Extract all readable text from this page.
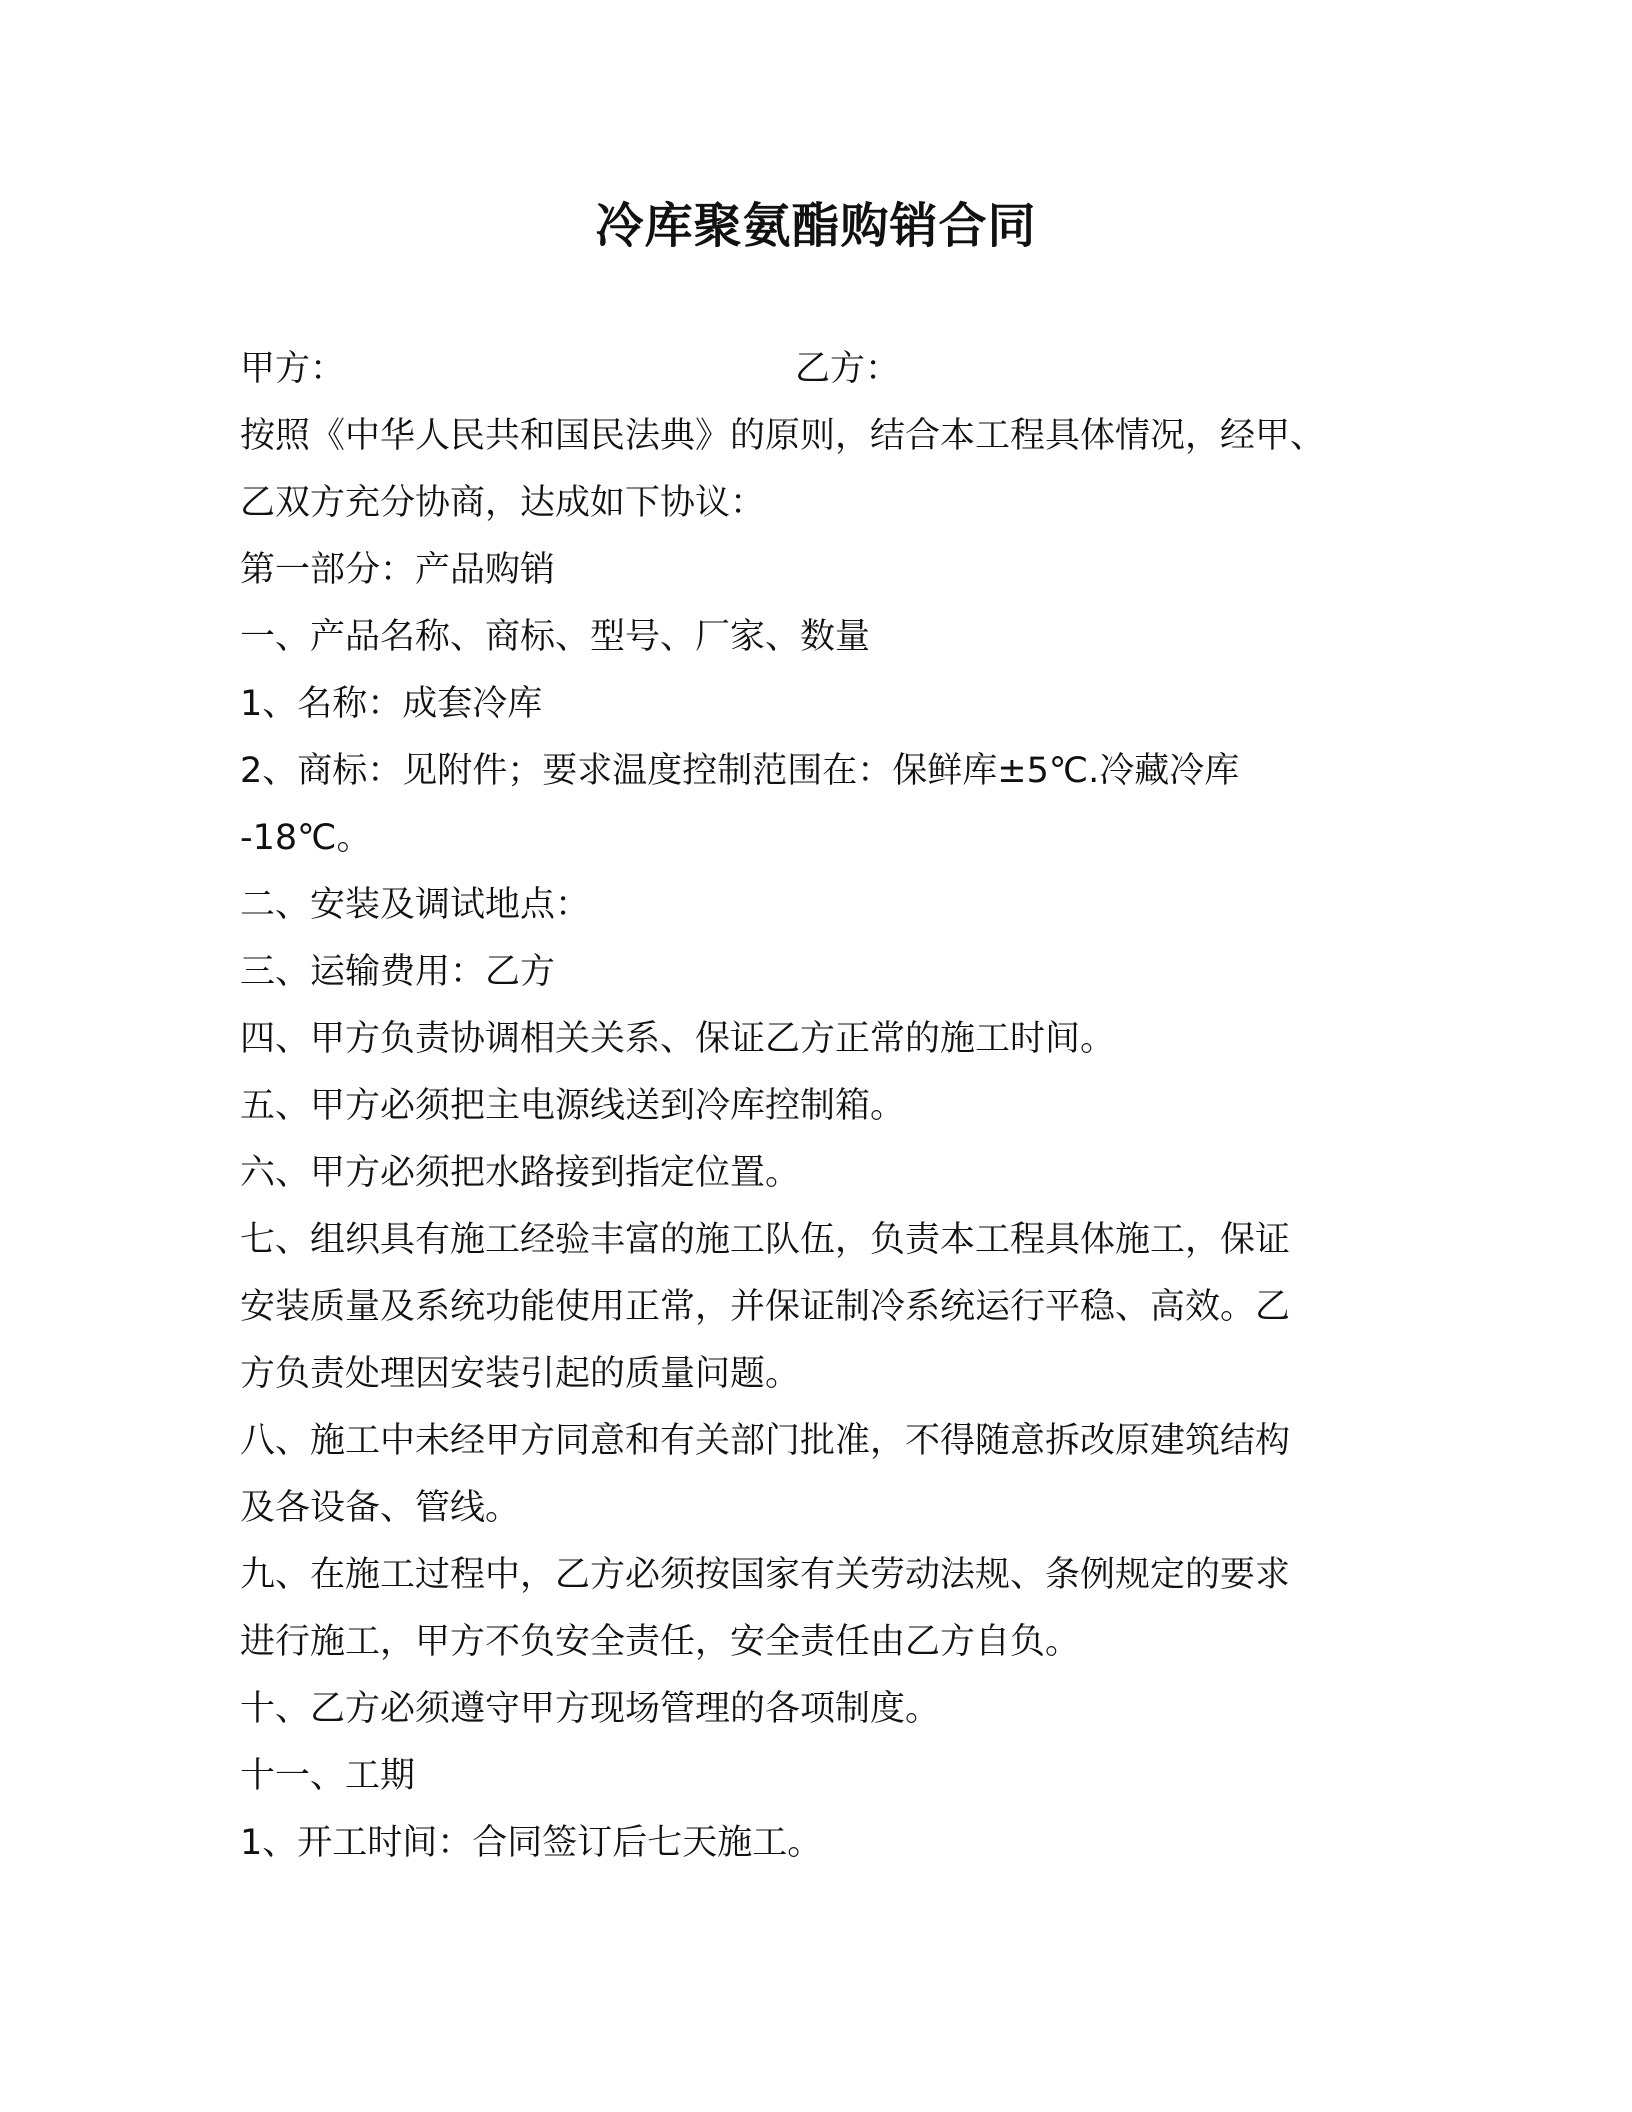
冷库聚氨酯购销合同
甲方：	乙方：
按照《中华人民共和国民法典》的原则，结合本工程具体情况，经甲、
乙双方充分协商，达成如下协议：
第一部分：产品购销
一、产品名称、商标、型号、厂家、数量
1、名称：成套冷库
2、商标：见附件；要求温度控制范围在：保鲜库±5℃.冷藏冷库
-18℃。
二、安装及调试地点：
三、运输费用：乙方
四、甲方负责协调相关关系、保证乙方正常的施工时间。
五、甲方必须把主电源线送到冷库控制箱。
六、甲方必须把水路接到指定位置。
七、组织具有施工经验丰富的施工队伍，负责本工程具体施工，保证
安装质量及系统功能使用正常，并保证制冷系统运行平稳、高效。乙
方负责处理因安装引起的质量问题。
八、施工中未经甲方同意和有关部门批准，不得随意拆改原建筑结构
及各设备、管线。
九、在施工过程中，乙方必须按国家有关劳动法规、条例规定的要求
进行施工，甲方不负安全责任，安全责任由乙方自负。
十、乙方必须遵守甲方现场管理的各项制度。
十一、工期
1、开工时间：合同签订后七天施工。
